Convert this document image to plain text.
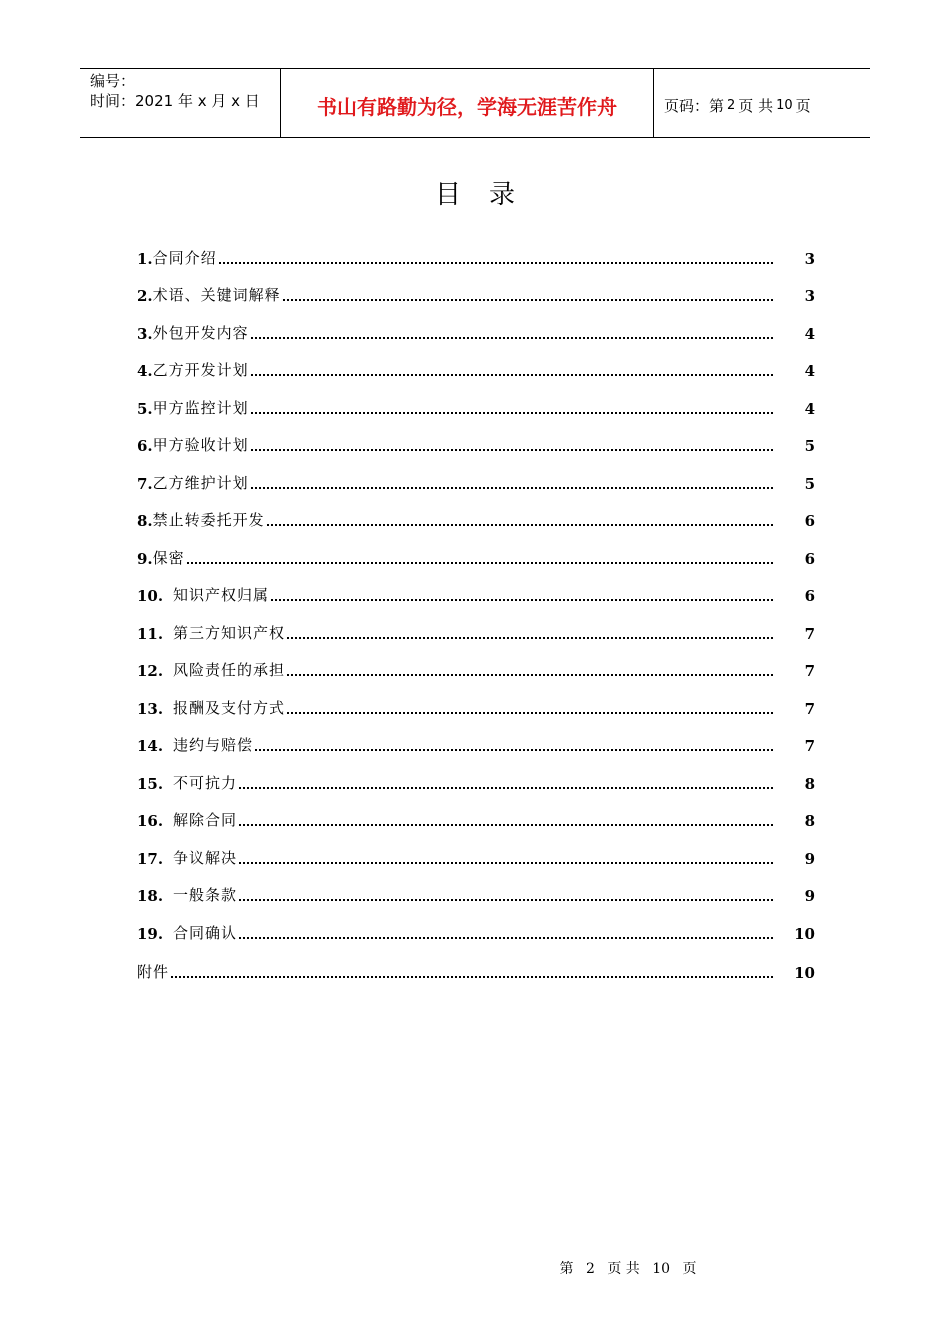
编号：
时间：2021 年 x 月 x 日	书山有路勤为径，学海无涯苦作舟	页码：第 2 页 共 10 页
目录
1. 合同介绍	3
2. 术语、关键词解释	3
3. 外包开发内容	4
4. 乙方开发计划	4
5. 甲方监控计划	4
6. 甲方验收计划	5
7. 乙方维护计划	5
8. 禁止转委托开发	6
9. 保密	6
10. 知识产权归属	6
11. 第三方知识产权	7
12. 风险责任的承担	7
13. 报酬及支付方式	7
14. 违约与赔偿	7
15. 不可抗力	8
16. 解除合同	8
17. 争议解决	9
18. 一般条款	9
19. 合同确认	10
附件	10
第 2 页 共 10 页
